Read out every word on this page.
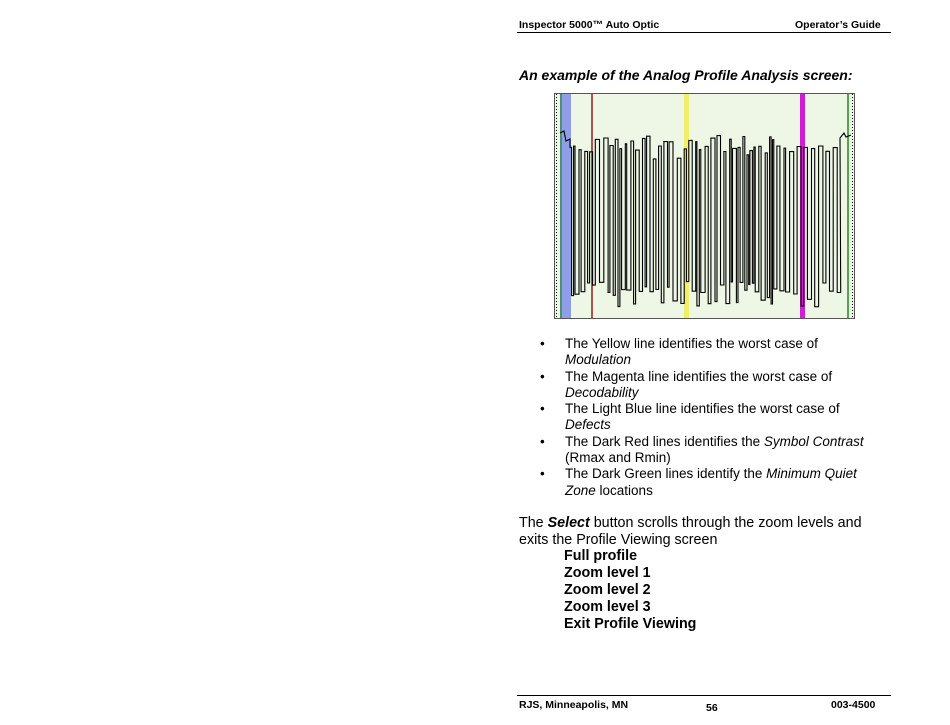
Inspector 5000™ Auto Optic	Operator’s Guide
An example of the Analog Profile Analysis screen:
• The Yellow line identifies the worst case of Modulation
• The Magenta line identifies the worst case of Decodability
• The Light Blue line identifies the worst case of Defects
• The Dark Red lines identifies the Symbol Contrast (Rmax and Rmin)
• The Dark Green lines identify the Minimum Quiet Zone locations

The Select button scrolls through the zoom levels and exits the Profile Viewing screen

Full profile
Zoom level 1
Zoom level 2
Zoom level 3
Exit Profile Viewing
RJS, Minneapolis, MN	56	003-4500
